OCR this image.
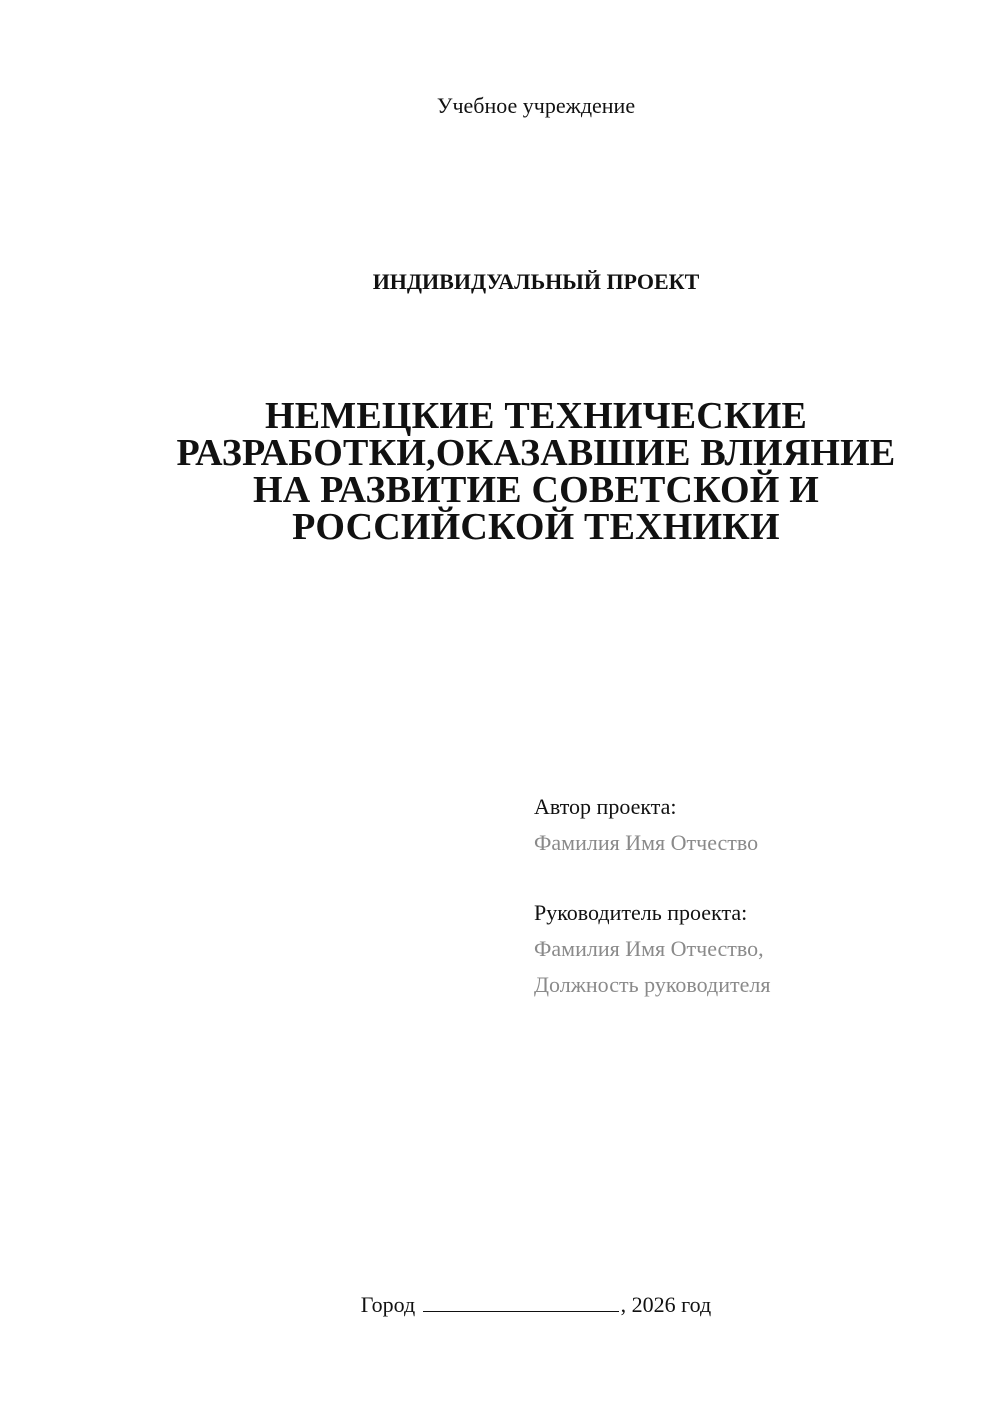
Учебное учреждение
ИНДИВИДУАЛЬНЫЙ ПРОЕКТ
НЕМЕЦКИЕ ТЕХНИЧЕСКИЕ
РАЗРАБОТКИ,ОКАЗАВШИЕ ВЛИЯНИЕ
НА РАЗВИТИЕ СОВЕТСКОЙ И
РОССИЙСКОЙ ТЕХНИКИ
Автор проекта:
Фамилия Имя Отчество
Руководитель проекта:
Фамилия Имя Отчество,
Должность руководителя
Город	, 2026 год
